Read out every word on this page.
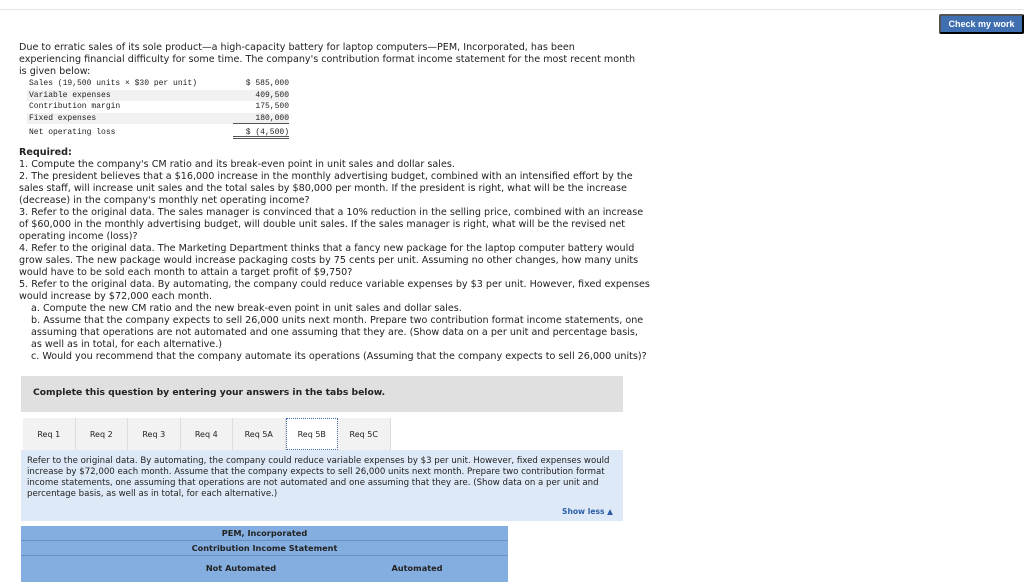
Check my work

Due to erratic sales of its sole product—a high-capacity battery for laptop computers—PEM, Incorporated, has been experiencing financial difficulty for some time. The company's contribution format income statement for the most recent month is given below:

Sales (19,500 units × $30 per unit)	$ 585,000
Variable expenses	409,500
Contribution margin	175,500
Fixed expenses	180,000
Net operating loss	$ (4,500)
Required:
1. Compute the company's CM ratio and its break-even point in unit sales and dollar sales.
2. The president believes that a $16,000 increase in the monthly advertising budget, combined with an intensified effort by the sales staff, will increase unit sales and the total sales by $80,000 per month. If the president is right, what will be the increase (decrease) in the company's monthly net operating income?
3. Refer to the original data. The sales manager is convinced that a 10% reduction in the selling price, combined with an increase of $60,000 in the monthly advertising budget, will double unit sales. If the sales manager is right, what will be the revised net operating income (loss)?
4. Refer to the original data. The Marketing Department thinks that a fancy new package for the laptop computer battery would grow sales. The new package would increase packaging costs by 75 cents per unit. Assuming no other changes, how many units would have to be sold each month to attain a target profit of $9,750?
5. Refer to the original data. By automating, the company could reduce variable expenses by $3 per unit. However, fixed expenses would increase by $72,000 each month.
a. Compute the new CM ratio and the new break-even point in unit sales and dollar sales.
b. Assume that the company expects to sell 26,000 units next month. Prepare two contribution format income statements, one assuming that operations are not automated and one assuming that they are. (Show data on a per unit and percentage basis, as well as in total, for each alternative.)
c. Would you recommend that the company automate its operations (Assuming that the company expects to sell 26,000 units)?
Complete this question by entering your answers in the tabs below.
Req 1	Req 2	Req 3	Req 4	Req 5A	Req 5B	Req 5C

Refer to the original data. By automating, the company could reduce variable expenses by $3 per unit. However, fixed expenses would increase by $72,000 each month. Assume that the company expects to sell 26,000 units next month. Prepare two contribution format income statements, one assuming that operations are not automated and one assuming that they are. (Show data on a per unit and percentage basis, as well as in total, for each alternative.)

Show less ▲
PEM, Incorporated
Contribution Income Statement
Not Automated	Automated
